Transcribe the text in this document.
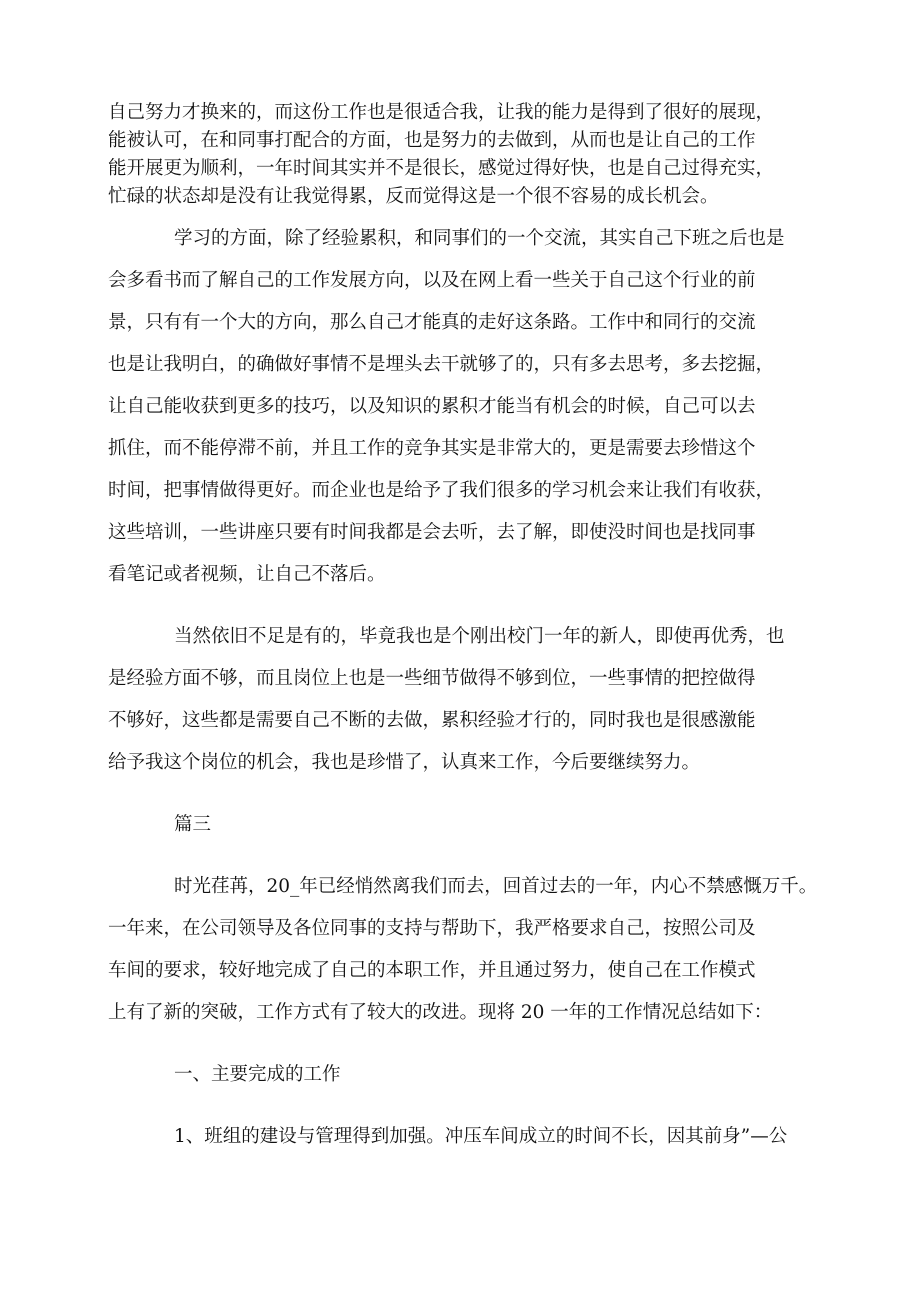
自己努力才换来的，而这份工作也是很适合我，让我的能力是得到了很好的展现，
能被认可，在和同事打配合的方面，也是努力的去做到，从而也是让自己的工作
能开展更为顺利，一年时间其实并不是很长，感觉过得好快，也是自己过得充实，
忙碌的状态却是没有让我觉得累，反而觉得这是一个很不容易的成长机会。
学习的方面，除了经验累积，和同事们的一个交流，其实自己下班之后也是
会多看书而了解自己的工作发展方向，以及在网上看一些关于自己这个行业的前
景，只有有一个大的方向，那么自己才能真的走好这条路。工作中和同行的交流
也是让我明白，的确做好事情不是埋头去干就够了的，只有多去思考，多去挖掘，
让自己能收获到更多的技巧，以及知识的累积才能当有机会的时候，自己可以去
抓住，而不能停滞不前，并且工作的竞争其实是非常大的，更是需要去珍惜这个
时间，把事情做得更好。而企业也是给予了我们很多的学习机会来让我们有收获，
这些培训，一些讲座只要有时间我都是会去听，去了解，即使没时间也是找同事
看笔记或者视频，让自己不落后。
当然依旧不足是有的，毕竟我也是个刚出校门一年的新人，即使再优秀，也
是经验方面不够，而且岗位上也是一些细节做得不够到位，一些事情的把控做得
不够好，这些都是需要自己不断的去做，累积经验才行的，同时我也是很感激能
给予我这个岗位的机会，我也是珍惜了，认真来工作，今后要继续努力。
篇三
时光荏苒，20_年已经悄然离我们而去，回首过去的一年，内心不禁感慨万千。
一年来，在公司领导及各位同事的支持与帮助下，我严格要求自己，按照公司及
车间的要求，较好地完成了自己的本职工作，并且通过努力，使自己在工作模式
上有了新的突破，工作方式有了较大的改进。现将 20 一年的工作情况总结如下：
一、主要完成的工作
1、班组的建设与管理得到加强。冲压车间成立的时间不长，因其前身”—公
